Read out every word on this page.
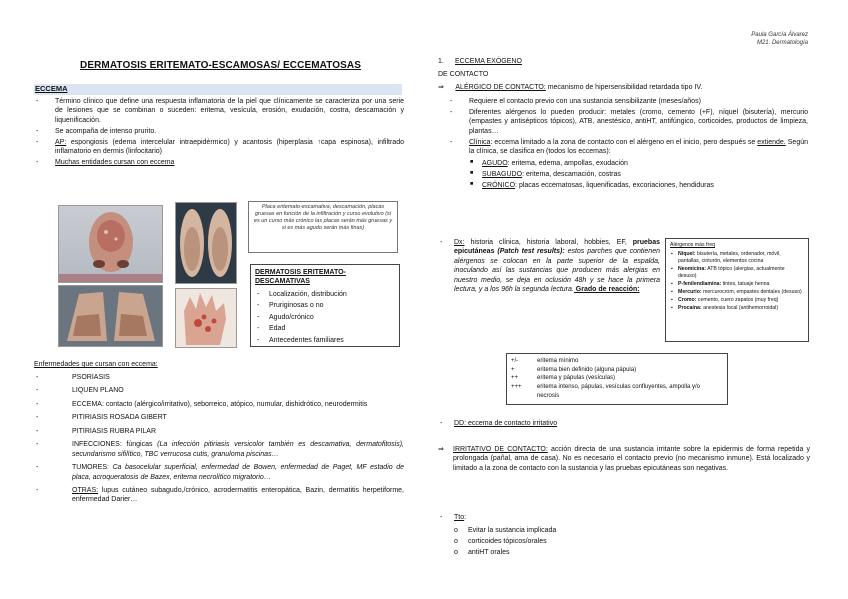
Paula García Álvarez
M21. Dermatología
DERMATOSIS ERITEMATO-ESCAMOSAS/ ECCEMATOSAS
ECCEMA
- Término clínico que define una respuesta inflamatoria de la piel que clínicamente se caracteriza por una serie de lesiones que se combinan o suceden: eritema, vesícula, erosión, exudación, costra, descamación y liquenificación.
- Se acompaña de intenso prurito.
- AP: espongiosis (edema intercelular intraepidérmico) y acantosis (hiperplasia ↑capa espinosa), infiltrado inflamatorio en dermis (linfocitario)
- Muchas entidades cursan con eccema
Placa eritemato-escamativa, descamación, placas gruesas en función de la infiltración y curso evolutivo (si es un curso más crónico las placas serán más gruesas y si es más agudo serán más finas)
DERMATOSIS ERITEMATO-DESCAMATIVAS
- Localización, distribución
- Pruriginosas o no
- Agudo/crónico
- Edad
- Antecedentes familiares
Enfermedades que cursan con eccema:
- PSORIASIS
- LIQUEN PLANO
- ECCEMA: contacto (alérgico/irritativo), seborreico, atópico, numular, dishidrótico, neurodermitis
- PITIRIASIS ROSADA GIBERT
- PITIRIASIS RUBRA PILAR
- INFECCIONES: fúngicas (La infección pitiriasis versicolor también es descamativa, dermatofitosis), secundarismo sifilítico, TBC verrucosa cutis, granuloma piscinas…
- TUMORES: Ca basocelular superficial, enfermedad de Bowen, enfermedad de Paget, MF estadio de placa, acroqueratosis de Bazex, eritema necrolítico migratorio…
- OTRAS: lupus cutáneo subagudo,/crónico, acrodermatitis enteropática, Bazin, dermatitis herpetiforme, enfermedad Darier…
1. ECCEMA EXÓGENO
DE CONTACTO
⇒ ALÉRGICO DE CONTACTO: mecanismo de hipersensibilidad retardada tipo IV.
- Requiere el contacto previo con una sustancia sensibilizante (meses/años)
- Diferentes alérgenos lo pueden producir: metales (cromo, cemento (+F), níquel (bisutería), mercurio (empastes y antisépticos tópicos), ATB, anestésico, antiHT, antifúngico, corticoides, productos de limpieza, plantas…
- Clínica: eccema limitado a la zona de contacto con el alérgeno en el inicio, pero después se extiende. Según la clínica, se clasifica en (todos los eccemas):
■ AGUDO: eritema, edema, ampollas, exudación
■ SUBAGUDO: eritema, descamación, costras
■ CRÓNICO: placas eccematosas, liquenificadas, excoriaciones, hendiduras
- Dx: historia clínica, historia laboral, hobbies, EF, pruebas epicutáneas (Patch test results): estos parches que contienen alérgenos se colocan en la parte superior de la espalda, inoculando así las sustancias que producen más alergias en nuestro medio, se deja en oclusión 48h y se hace la primera lectura, y a los 96h la segunda lectura. Grado de reacción:
Alérgenos más freq
▪ Níquel: bisutería, metales, ordenador, móvil, pantallas, cinturón, elementos cocina
▪ Neomicina: ATB tópico (alergias, actualmente desuso)
▪ P-fenilendiamina: tintes, tatuaje henna
▪ Mercurio: mercurocrom, empastes dentales (desuso)
▪ Cromo: cemento, cuero zapatos (muy freq)
▪ Procaína: anestesia local (antihemorroidal)
+/-	eritema mínimo
+	eritema bien definido (alguna pápula)
++	eritema y pápulas (vesículas)
+++	eritema intenso, pápulas, vesículas confluyentes, ampolla y/o necrosis
- DD: eccema de contacto irritativo
⇒ IRRITATIVO DE CONTACTO: acción directa de una sustancia irritante sobre la epidermis de forma repetida y prolongada (pañal, ama de casa). No es necesario el contacto previo (no mecanismo inmune). Está localizado y limitado a la zona de contacto con la sustancia y las pruebas epicutáneas son negativas.
- Tto:
o Evitar la sustancia implicada
o corticoides tópicos/orales
o antiHT orales
